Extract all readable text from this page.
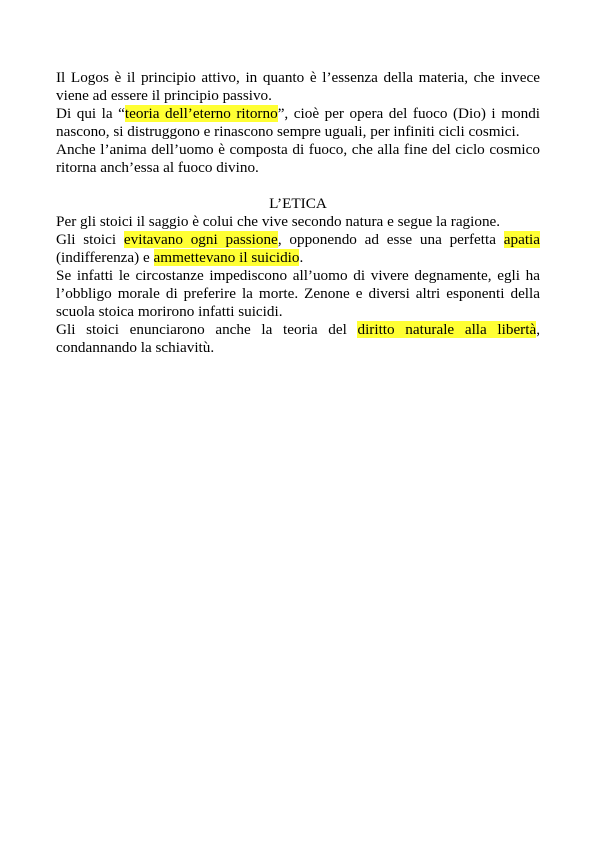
Il Logos è il principio attivo, in quanto è l’essenza della materia, che invece viene ad essere il principio passivo.

Di qui la “teoria dell’eterno ritorno”, cioè per opera del fuoco (Dio) i mondi nascono, si distruggono e rinascono sempre uguali, per infiniti cicli cosmici.

Anche l’anima dell’uomo è composta di fuoco, che alla fine del ciclo cosmico ritorna anch’essa al fuoco divino.

L’ETICA

Per gli stoici il saggio è colui che vive secondo natura e segue la ragione.

Gli stoici evitavano ogni passione, opponendo ad esse una perfetta apatia (indifferenza) e ammettevano il suicidio.

Se infatti le circostanze impediscono all’uomo di vivere degnamente, egli ha l’obbligo morale di preferire la morte. Zenone e diversi altri esponenti della scuola stoica morirono infatti suicidi.

Gli stoici enunciarono anche la teoria del diritto naturale alla libertà, condannando la schiavitù.
